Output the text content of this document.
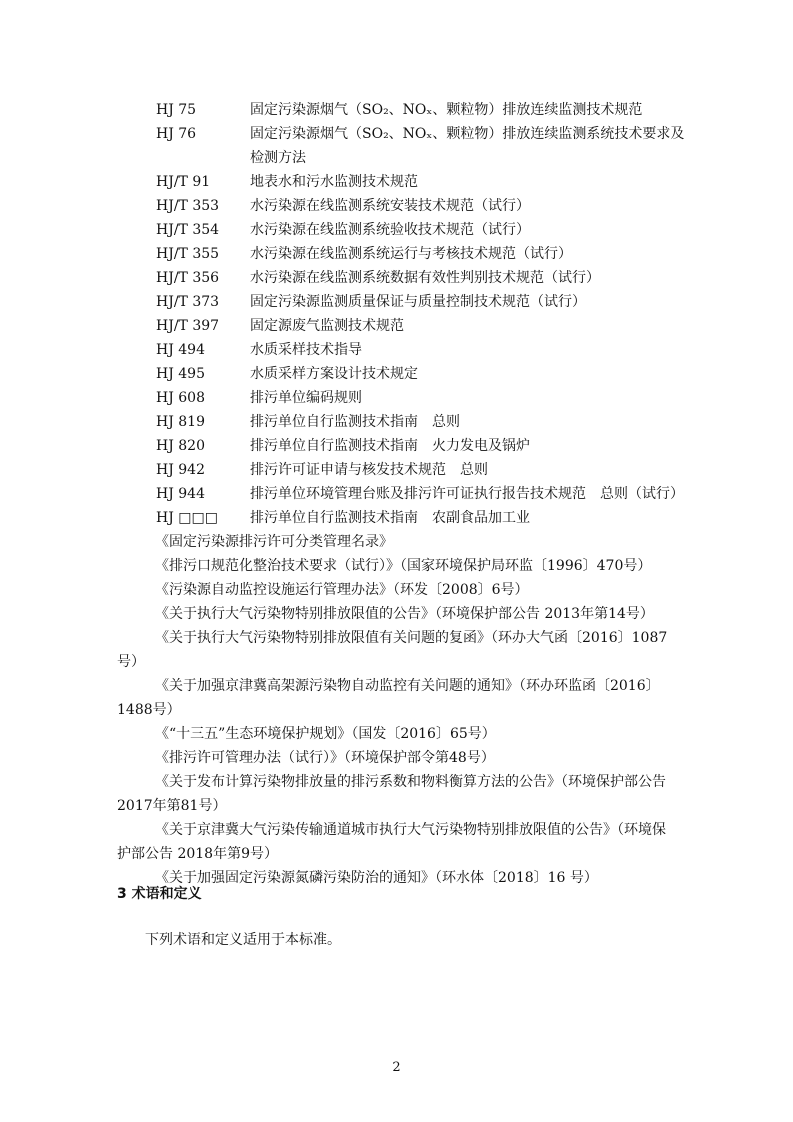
HJ 75	固定污染源烟气（SO₂、NOₓ、颗粒物）排放连续监测技术规范
HJ 76	固定污染源烟气（SO₂、NOₓ、颗粒物）排放连续监测系统技术要求及检测方法
HJ/T 91	地表水和污水监测技术规范
HJ/T 353	水污染源在线监测系统安装技术规范（试行）
HJ/T 354	水污染源在线监测系统验收技术规范（试行）
HJ/T 355	水污染源在线监测系统运行与考核技术规范（试行）
HJ/T 356	水污染源在线监测系统数据有效性判别技术规范（试行）
HJ/T 373	固定污染源监测质量保证与质量控制技术规范（试行）
HJ/T 397	固定源废气监测技术规范
HJ 494	水质采样技术指导
HJ 495	水质采样方案设计技术规定
HJ 608	排污单位编码规则
HJ 819	排污单位自行监测技术指南　总则
HJ 820	排污单位自行监测技术指南　火力发电及锅炉
HJ 942	排污许可证申请与核发技术规范　总则
HJ 944	排污单位环境管理台账及排污许可证执行报告技术规范　总则（试行）
HJ □□□	排污单位自行监测技术指南　农副食品加工业
《固定污染源排污许可分类管理名录》
《排污口规范化整治技术要求（试行）》（国家环境保护局环监〔1996〕470号）
《污染源自动监控设施运行管理办法》（环发〔2008〕6号）
《关于执行大气污染物特别排放限值的公告》（环境保护部公告 2013年第14号）
《关于执行大气污染物特别排放限值有关问题的复函》（环办大气函〔2016〕1087号）
《关于加强京津冀高架源污染物自动监控有关问题的通知》（环办环监函〔2016〕1488号）
《“十三五”生态环境保护规划》（国发〔2016〕65号）
《排污许可管理办法（试行）》（环境保护部令第48号）
《关于发布计算污染物排放量的排污系数和物料衡算方法的公告》（环境保护部公告2017年第81号）
《关于京津冀大气污染传输通道城市执行大气污染物特别排放限值的公告》（环境保护部公告 2018年第9号）
《关于加强固定污染源氮磷污染防治的通知》（环水体〔2018〕16 号）
3 术语和定义
下列术语和定义适用于本标准。
2
